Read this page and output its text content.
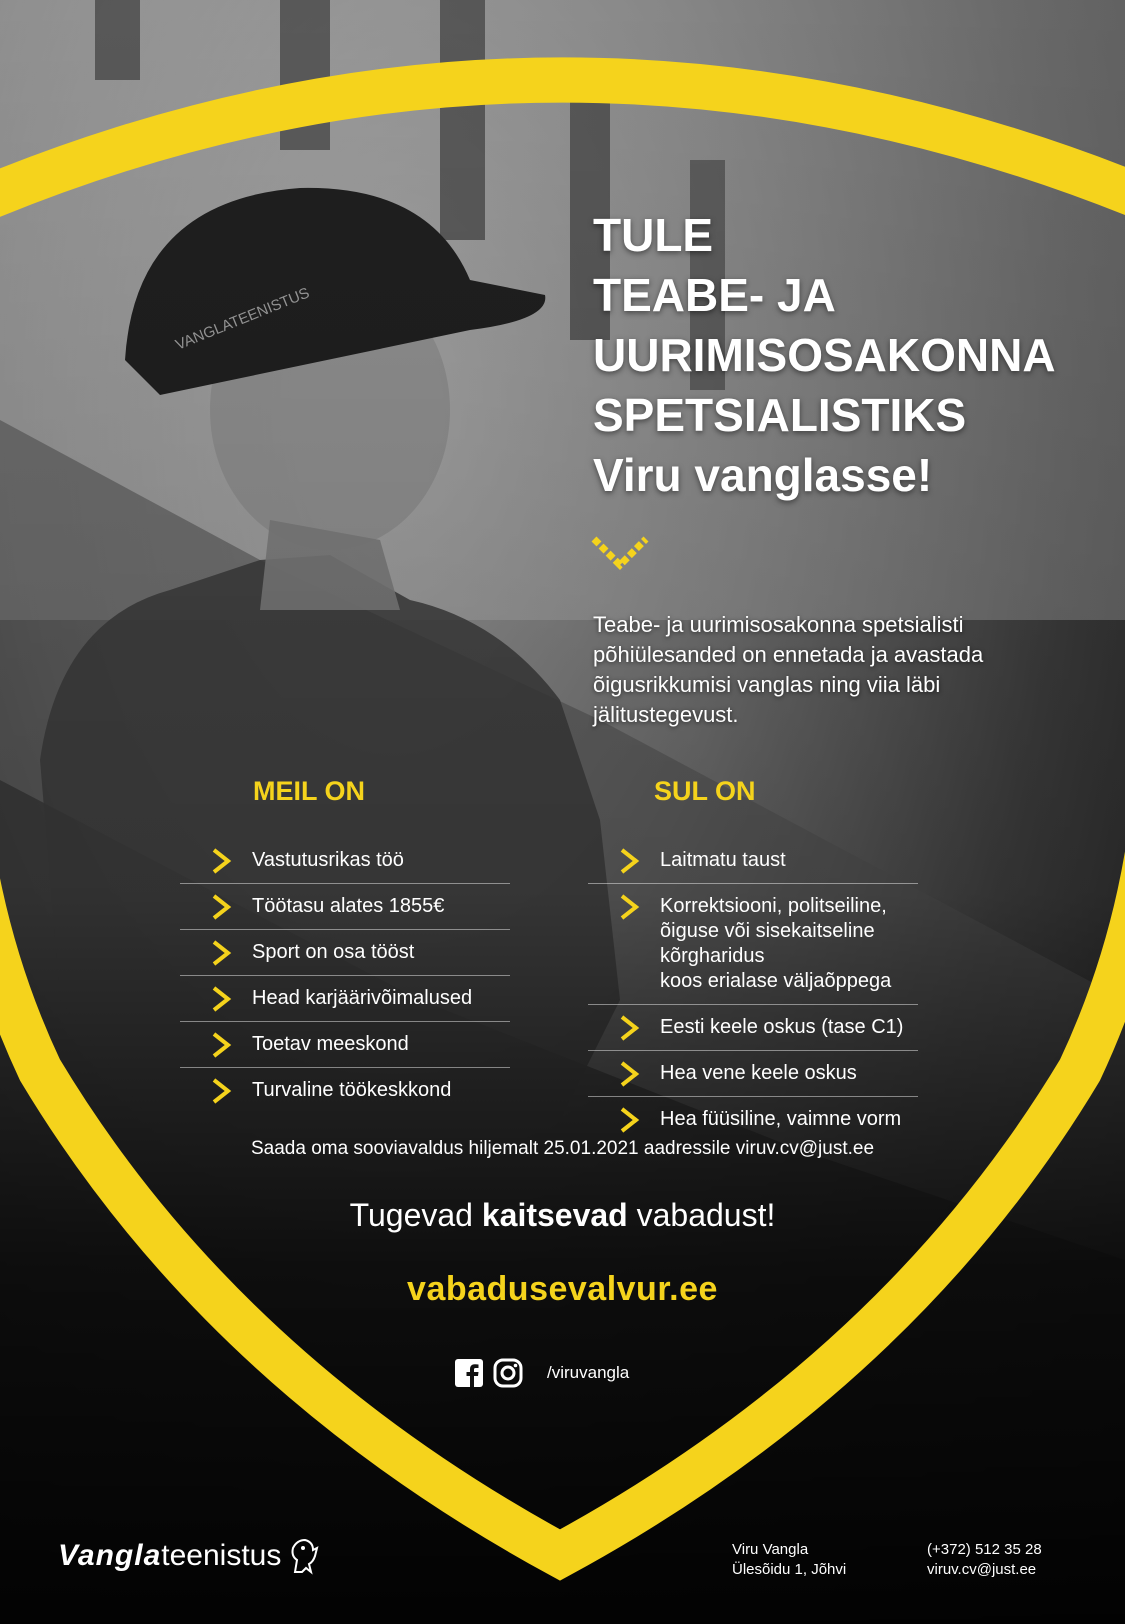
TULE
TEABE- JA
UURIMISOSAKONNA
SPETSIALISTIKS
Viru vanglasse!
Teabe- ja uurimisosakonna spetsialisti põhiülesanded on ennetada ja avastada õigusrikkumisi vanglas ning viia läbi jälitustegevust.
MEIL ON
Vastutusrikas töö
Töötasu alates 1855€
Sport on osa tööst
Head karjäärivõimalused
Toetav meeskond
Turvaline töökeskkond
SUL ON
Laitmatu taust
Korrektsiooni, politseiline,
õiguse või sisekaitseline kõrgharidus
koos erialase väljaõppega
Eesti keele oskus (tase C1)
Hea vene keele oskus
Hea füüsiline, vaimne vorm
Saada oma sooviavaldus hiljemalt 25.01.2021 aadressile viruv.cv@just.ee
Tugevad kaitsevad vabadust!
vabadusevalvur.ee
/viruvangla
Vangla teenistus	Viru Vangla
Ülesõidu 1, Jõhvi
(+372) 512 35 28
viruv.cv@just.ee
